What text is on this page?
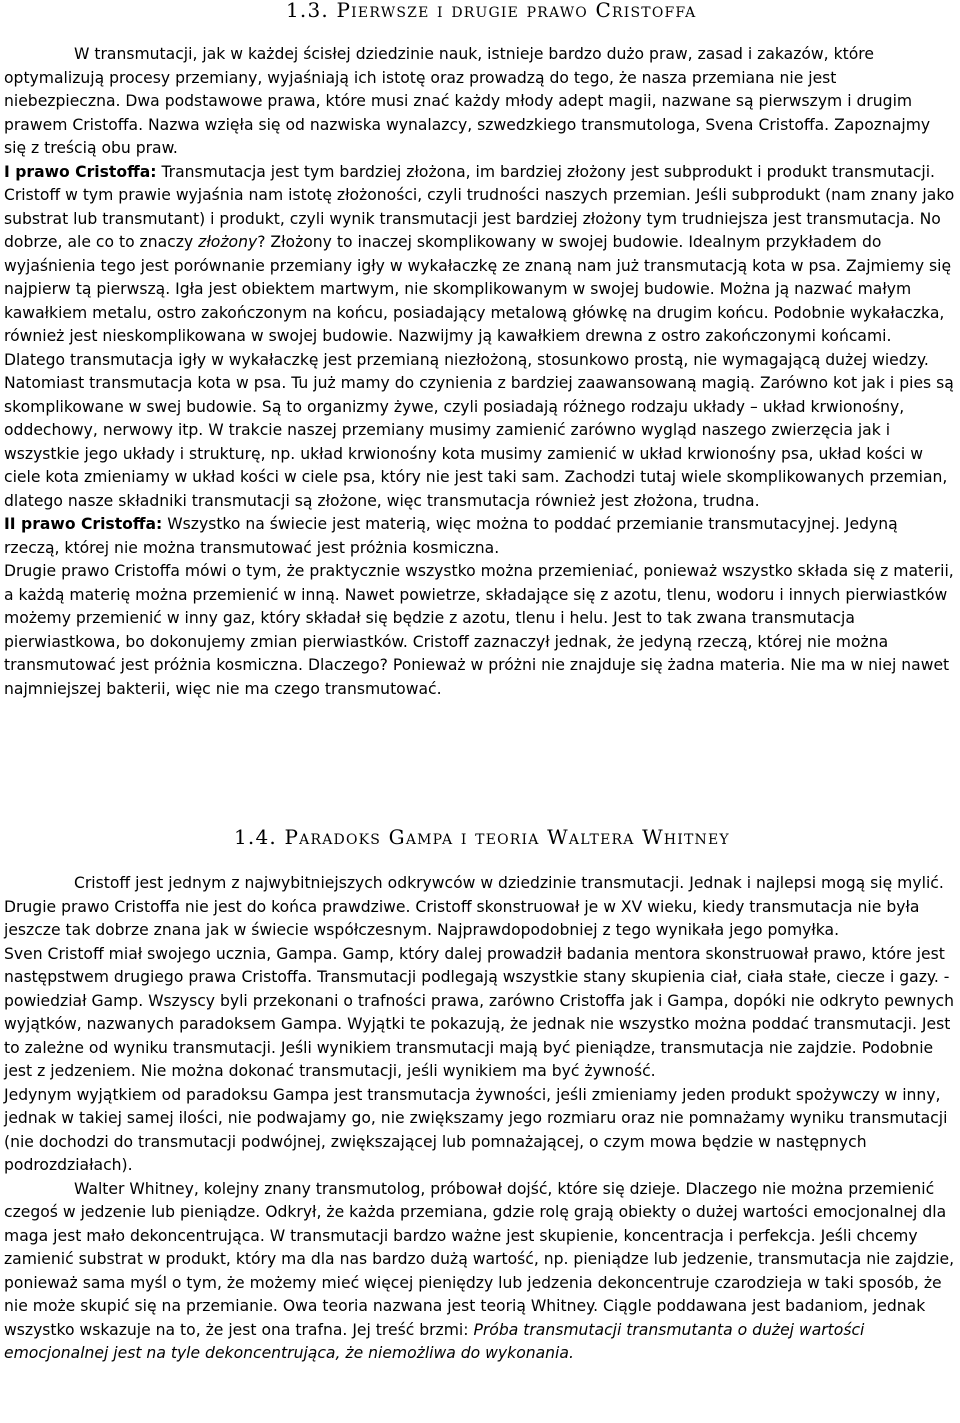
1.3. Pierwsze i drugie prawo Cristoffa

W transmutacji, jak w każdej ścisłej dziedzinie nauk, istnieje bardzo dużo praw, zasad i zakazów, które optymalizują procesy przemiany, wyjaśniają ich istotę oraz prowadzą do tego, że nasza przemiana nie jest niebezpieczna. Dwa podstawowe prawa, które musi znać każdy młody adept magii, nazwane są pierwszym i drugim prawem Cristoffa. Nazwa wzięła się od nazwiska wynalazcy, szwedzkiego transmutologa, Svena Cristoffa. Zapoznajmy się z treścią obu praw.

I prawo Cristoffa: Transmutacja jest tym bardziej złożona, im bardziej złożony jest subprodukt i produkt transmutacji.

Cristoff w tym prawie wyjaśnia nam istotę złożoności, czyli trudności naszych przemian. Jeśli subprodukt (nam znany jako substrat lub transmutant) i produkt, czyli wynik transmutacji jest bardziej złożony tym trudniejsza jest transmutacja. No dobrze, ale co to znaczy złożony? Złożony to inaczej skomplikowany w swojej budowie. Idealnym przykładem do wyjaśnienia tego jest porównanie przemiany igły w wykałaczkę ze znaną nam już transmutacją kota w psa. Zajmiemy się najpierw tą pierwszą. Igła jest obiektem martwym, nie skomplikowanym w swojej budowie. Można ją nazwać małym kawałkiem metalu, ostro zakończonym na końcu, posiadający metalową główkę na drugim końcu. Podobnie wykałaczka, również jest nieskomplikowana w swojej budowie. Nazwijmy ją kawałkiem drewna z ostro zakończonymi końcami. Dlatego transmutacja igły w wykałaczkę jest przemianą niezłożoną, stosunkowo prostą, nie wymagającą dużej wiedzy. Natomiast transmutacja kota w psa. Tu już mamy do czynienia z bardziej zaawansowaną magią. Zarówno kot jak i pies są skomplikowane w swej budowie. Są to organizmy żywe, czyli posiadają różnego rodzaju układy – układ krwionośny, oddechowy, nerwowy itp. W trakcie naszej przemiany musimy zamienić zarówno wygląd naszego zwierzęcia jak i wszystkie jego układy i strukturę, np. układ krwionośny kota musimy zamienić w układ krwionośny psa, układ kości w ciele kota zmieniamy w układ kości w ciele psa, który nie jest taki sam. Zachodzi tutaj wiele skomplikowanych przemian, dlatego nasze składniki transmutacji są złożone, więc transmutacja również jest złożona, trudna.

II prawo Cristoffa: Wszystko na świecie jest materią, więc można to poddać przemianie transmutacyjnej. Jedyną rzeczą, której nie można transmutować jest próżnia kosmiczna.

Drugie prawo Cristoffa mówi o tym, że praktycznie wszystko można przemieniać, ponieważ wszystko składa się z materii, a każdą materię można przemienić w inną. Nawet powietrze, składające się z azotu, tlenu, wodoru i innych pierwiastków możemy przemienić w inny gaz, który składał się będzie z azotu, tlenu i helu. Jest to tak zwana transmutacja pierwiastkowa, bo dokonujemy zmian pierwiastków. Cristoff zaznaczył jednak, że jedyną rzeczą, której nie można transmutować jest próżnia kosmiczna. Dlaczego? Ponieważ w próżni nie znajduje się żadna materia. Nie ma w niej nawet najmniejszej bakterii, więc nie ma czego transmutować.

1.4. Paradoks Gampa i teoria Waltera Whitney

Cristoff jest jednym z najwybitniejszych odkrywców w dziedzinie transmutacji. Jednak i najlepsi mogą się mylić. Drugie prawo Cristoffa nie jest do końca prawdziwe. Cristoff skonstruował je w XV wieku, kiedy transmutacja nie była jeszcze tak dobrze znana jak w świecie współczesnym. Najprawdopodobniej z tego wynikała jego pomyłka.

Sven Cristoff miał swojego ucznia, Gampa. Gamp, który dalej prowadził badania mentora skonstruował prawo, które jest następstwem drugiego prawa Cristoffa. Transmutacji podlegają wszystkie stany skupienia ciał, ciała stałe, ciecze i gazy. - powiedział Gamp. Wszyscy byli przekonani o trafności prawa, zarówno Cristoffa jak i Gampa, dopóki nie odkryto pewnych wyjątków, nazwanych paradoksem Gampa. Wyjątki te pokazują, że jednak nie wszystko można poddać transmutacji. Jest to zależne od wyniku transmutacji. Jeśli wynikiem transmutacji mają być pieniądze, transmutacja nie zajdzie. Podobnie jest z jedzeniem. Nie można dokonać transmutacji, jeśli wynikiem ma być żywność.

Jedynym wyjątkiem od paradoksu Gampa jest transmutacja żywności, jeśli zmieniamy jeden produkt spożywczy w inny, jednak w takiej samej ilości, nie podwajamy go, nie zwiększamy jego rozmiaru oraz nie pomnażamy wyniku transmutacji (nie dochodzi do transmutacji podwójnej, zwiększającej lub pomnażającej, o czym mowa będzie w następnych podrozdziałach).

Walter Whitney, kolejny znany transmutolog, próbował dojść, które się dzieje. Dlaczego nie można przemienić czegoś w jedzenie lub pieniądze. Odkrył, że każda przemiana, gdzie rolę grają obiekty o dużej wartości emocjonalnej dla maga jest mało dekoncentrująca. W transmutacji bardzo ważne jest skupienie, koncentracja i perfekcja. Jeśli chcemy zamienić substrat w produkt, który ma dla nas bardzo dużą wartość, np. pieniądze lub jedzenie, transmutacja nie zajdzie, ponieważ sama myśl o tym, że możemy mieć więcej pieniędzy lub jedzenia dekoncentruje czarodzieja w taki sposób, że nie może skupić się na przemianie. Owa teoria nazwana jest teorią Whitney. Ciągle poddawana jest badaniom, jednak wszystko wskazuje na to, że jest ona trafna. Jej treść brzmi: Próba transmutacji transmutanta o dużej wartości emocjonalnej jest na tyle dekoncentrująca, że niemożliwa do wykonania.
